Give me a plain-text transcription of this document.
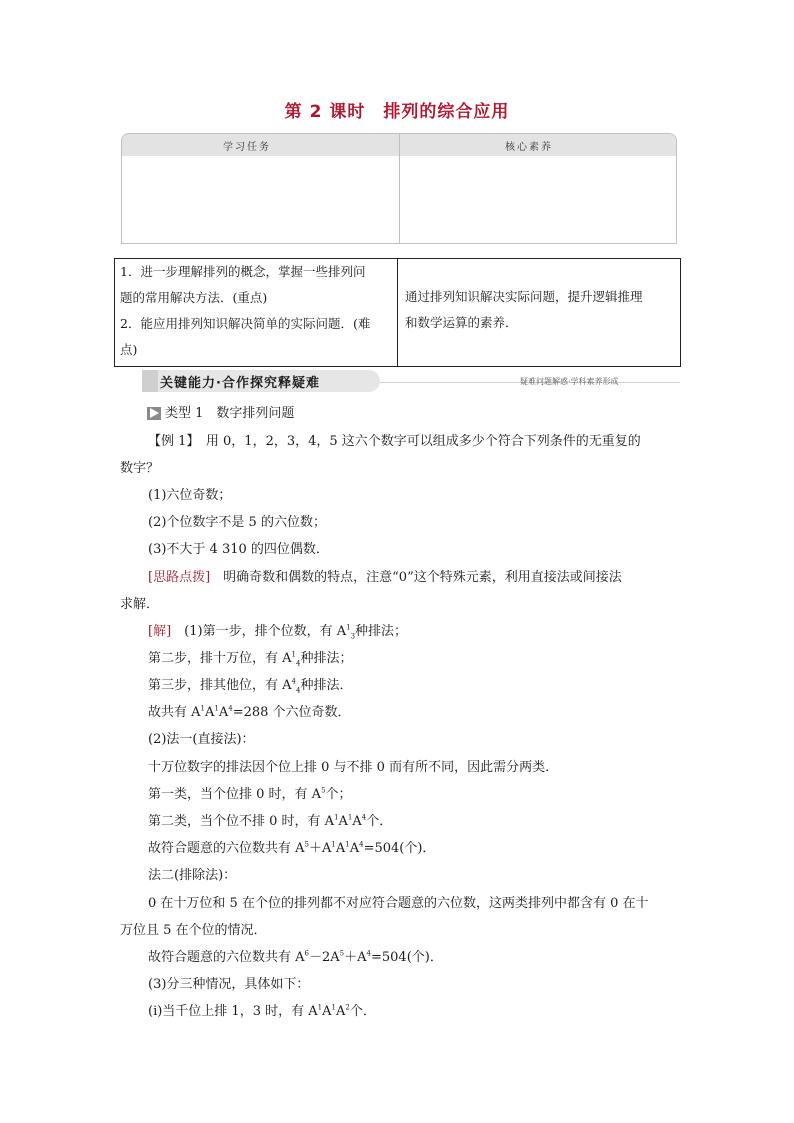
第 2 课时　排列的综合应用
学习任务	核心素养
1．进一步理解排列的概念，掌握一些排列问
题的常用解决方法．(重点)
2．能应用排列知识解决简单的实际问题．(难
点)
通过排列知识解决实际问题，提升逻辑推理
和数学运算的素养．
关键能力·合作探究释疑难	疑难问题解惑·学科素养形成
类型 1　数字排列问题
【例 1】　用 0，1，2，3，4，5 这六个数字可以组成多少个符合下列条件的无重复的
数字？
(1)六位奇数；
(2)个位数字不是 5 的六位数；
(3)不大于 4 310 的四位偶数．
[思路点拨]　明确奇数和偶数的特点，注意“0”这个特殊元素，利用直接法或间接法
求解．
[解]　(1)第一步，排个位数，有 $A^1_3$种排法；
第二步，排十万位，有 $A^1_4$种排法；
第三步，排其他位，有 $A^4_4$种排法．
故共有 $A^1A^1A^4=288$ 个六位奇数．
(2)法一(直接法)：
十万位数字的排法因个位上排 0 与不排 0 而有所不同，因此需分两类．
第一类，当个位排 0 时，有 $A^5$个；
第二类，当个位不排 0 时，有 $A^1A^1A^4$个．
故符合题意的六位数共有 $A^5+A^1A^1A^4=504$(个)．
法二(排除法)：
0 在十万位和 5 在个位的排列都不对应符合题意的六位数，这两类排列中都含有 0 在十
万位且 5 在个位的情况．
故符合题意的六位数共有 $A^6-2A^5+A^4=504$(个)．
(3)分三种情况，具体如下：
(ⅰ)当千位上排 1，3 时，有 $A^1A^1A^2$个．
